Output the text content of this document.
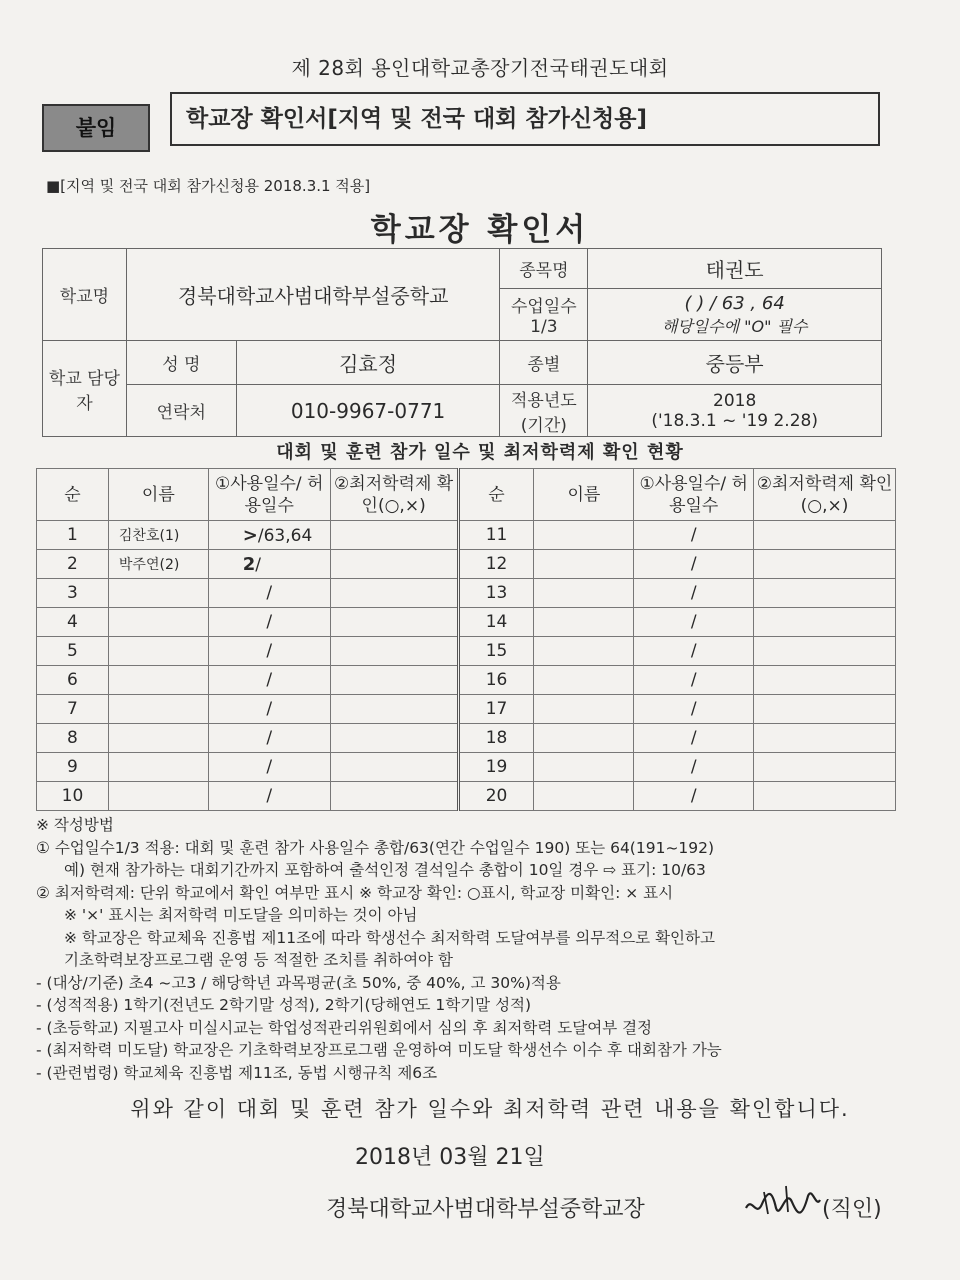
제 28회 용인대학교총장기전국태권도대회
붙임	학교장 확인서[지역 및 전국 대회 참가신청용]
■[지역 및 전국 대회 참가신청용 2018.3.1 적용]
학교장 확인서
학교명	경북대학교사범대학부설중학교		종목명	태권도
			수업일수 1/3	( ) / 63 , 64
해당일수에 "O" 필수

학교 담당자	성 명	김효정	종별	중등부
	연락처	010-9967-0771	적용년도 (기간)	2018
('18.3.1 ~ '19 2.28)
대회 및 훈련 참가 일수 및 최저학력제 확인 현황
순	이름	①사용일수/ 허용일수	②최저학력제 확인(○,×)	순	이름	①사용일수/ 허용일수	②최저학력제 확인(○,×)
1	김찬호(1)	>/63,64		11		/	
2	박주연(2)	2/		12		/	
3		/		13		/	
4		/		14		/	
5		/		15		/	
6		/		16		/	
7		/		17		/	
8		/		18		/	
9		/		19		/	
10		/		20		/	
※ 작성방법
① 수업일수1/3 적용: 대회 및 훈련 참가 사용일수 총합/63(연간 수업일수 190) 또는 64(191~192)
예) 현재 참가하는 대회기간까지 포함하여 출석인정 결석일수 총합이 10일 경우 ⇨ 표기: 10/63
② 최저학력제: 단위 학교에서 확인 여부만 표시 ※ 학교장 확인: ○표시, 학교장 미확인: × 표시
※ '×' 표시는 최저학력 미도달을 의미하는 것이 아님
※ 학교장은 학교체육 진흥법 제11조에 따라 학생선수 최저학력 도달여부를 의무적으로 확인하고
기초학력보장프로그램 운영 등 적절한 조치를 취하여야 함
- (대상/기준) 초4 ~고3 / 해당학년 과목평균(초 50%, 중 40%, 고 30%)적용
- (성적적용) 1학기(전년도 2학기말 성적), 2학기(당해연도 1학기말 성적)
- (초등학교) 지필고사 미실시교는 학업성적관리위원회에서 심의 후 최저학력 도달여부 결정
- (최저학력 미도달) 학교장은 기초학력보장프로그램 운영하여 미도달 학생선수 이수 후 대회참가 가능
- (관련법령) 학교체육 진흥법 제11조, 동법 시행규칙 제6조
위와 같이 대회 및 훈련 참가 일수와 최저학력 관련 내용을 확인합니다.
2018년 03월 21일
경북대학교사범대학부설중학교장	(직인)
